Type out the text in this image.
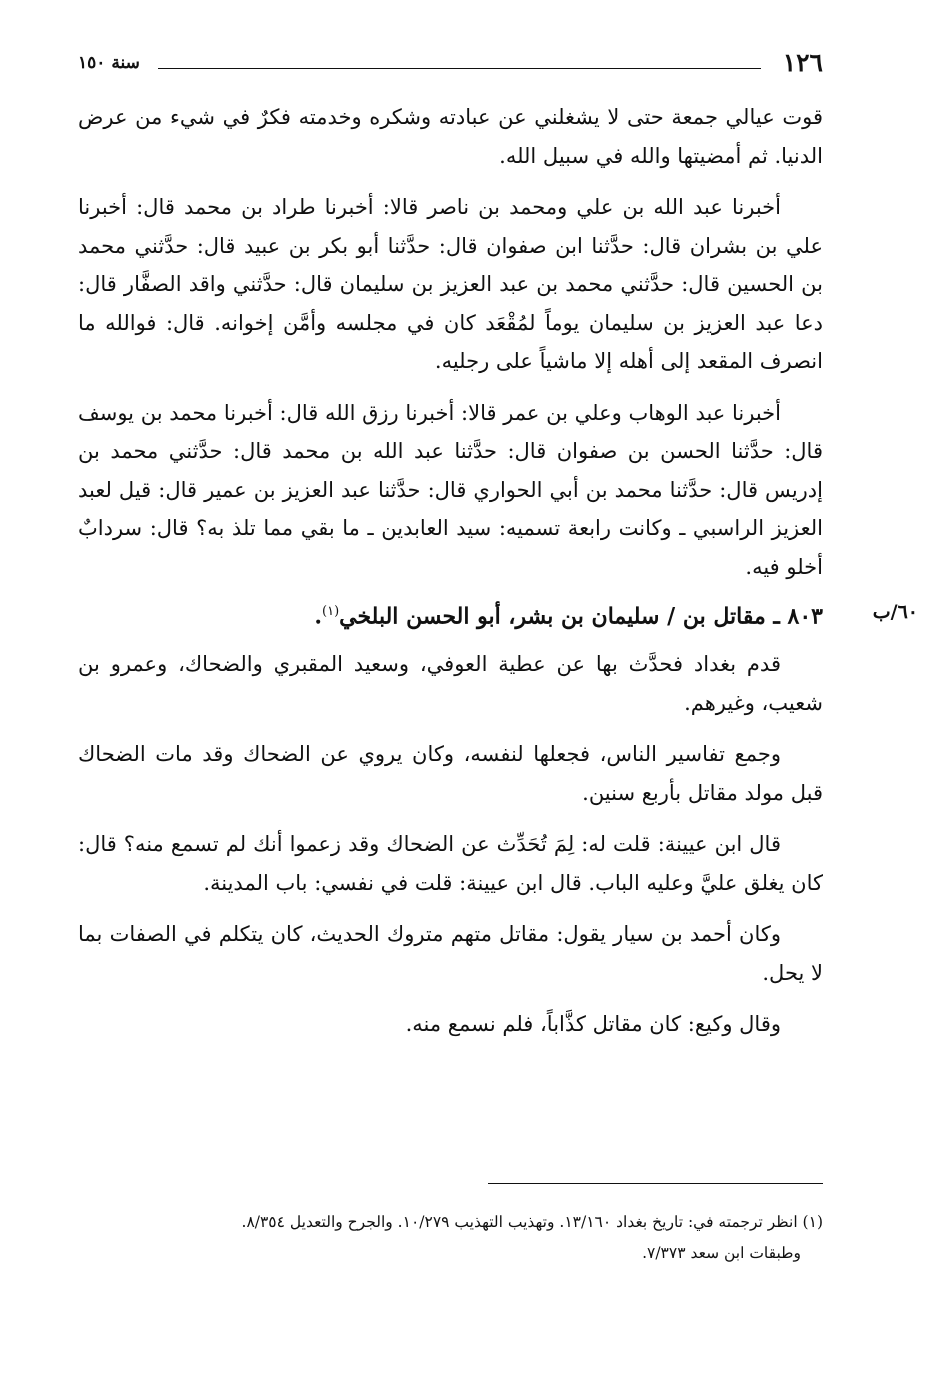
١٢٦
سنة ١٥٠

قوت عيالي جمعة حتى لا يشغلني عن عبادته وشكره وخدمته فكرٌ في شيء من عرض الدنيا. ثم أمضيتها والله في سبيل الله.

أخبرنا عبد الله بن علي ومحمد بن ناصر قالا: أخبرنا طراد بن محمد قال: أخبرنا علي بن بشران قال: حدَّثنا ابن صفوان قال: حدَّثنا أبو بكر بن عبيد قال: حدَّثني محمد بن الحسين قال: حدَّثني محمد بن عبد العزيز بن سليمان قال: حدَّثني واقد الصفَّار قال: دعا عبد العزيز بن سليمان يوماً لمُقْعَد كان في مجلسه وأمَّن إخوانه. قال: فوالله ما انصرف المقعد إلى أهله إلا ماشياً على رجليه.

أخبرنا عبد الوهاب وعلي بن عمر قالا: أخبرنا رزق الله قال: أخبرنا محمد بن يوسف قال: حدَّثنا الحسن بن صفوان قال: حدَّثنا عبد الله بن محمد قال: حدَّثني محمد بن إدريس قال: حدَّثنا محمد بن أبي الحواري قال: حدَّثنا عبد العزيز بن عمير قال: قيل لعبد العزيز الراسبي ـ وكانت رابعة تسميه: سيد العابدين ـ ما بقي مما تلذ به؟ قال: سردابٌ أخلو فيه.

٦٠/ب
٨٠٣ ـ مقاتل بن / سليمان بن بشر، أبو الحسن البلخي$^{(١)}$.

قدم بغداد فحدَّث بها عن عطية العوفي، وسعيد المقبري والضحاك، وعمرو بن شعيب، وغيرهم.

وجمع تفاسير الناس، فجعلها لنفسه، وكان يروي عن الضحاك وقد مات الضحاك قبل مولد مقاتل بأربع سنين.

قال ابن عيينة: قلت له: لِمَ تُحَدِّث عن الضحاك وقد زعموا أنك لم تسمع منه؟ قال: كان يغلق عليَّ وعليه الباب. قال ابن عيينة: قلت في نفسي: باب المدينة.

وكان أحمد بن سيار يقول: مقاتل متهم متروك الحديث، كان يتكلم في الصفات بما لا يحل.

وقال وكيع: كان مقاتل كذَّاباً، فلم نسمع منه.

(١) انظر ترجمته في: تاريخ بغداد ١٣/١٦٠. وتهذيب التهذيب ١٠/٢٧٩. والجرح والتعديل ٨/٣٥٤.

وطبقات ابن سعد ٧/٣٧٣.
